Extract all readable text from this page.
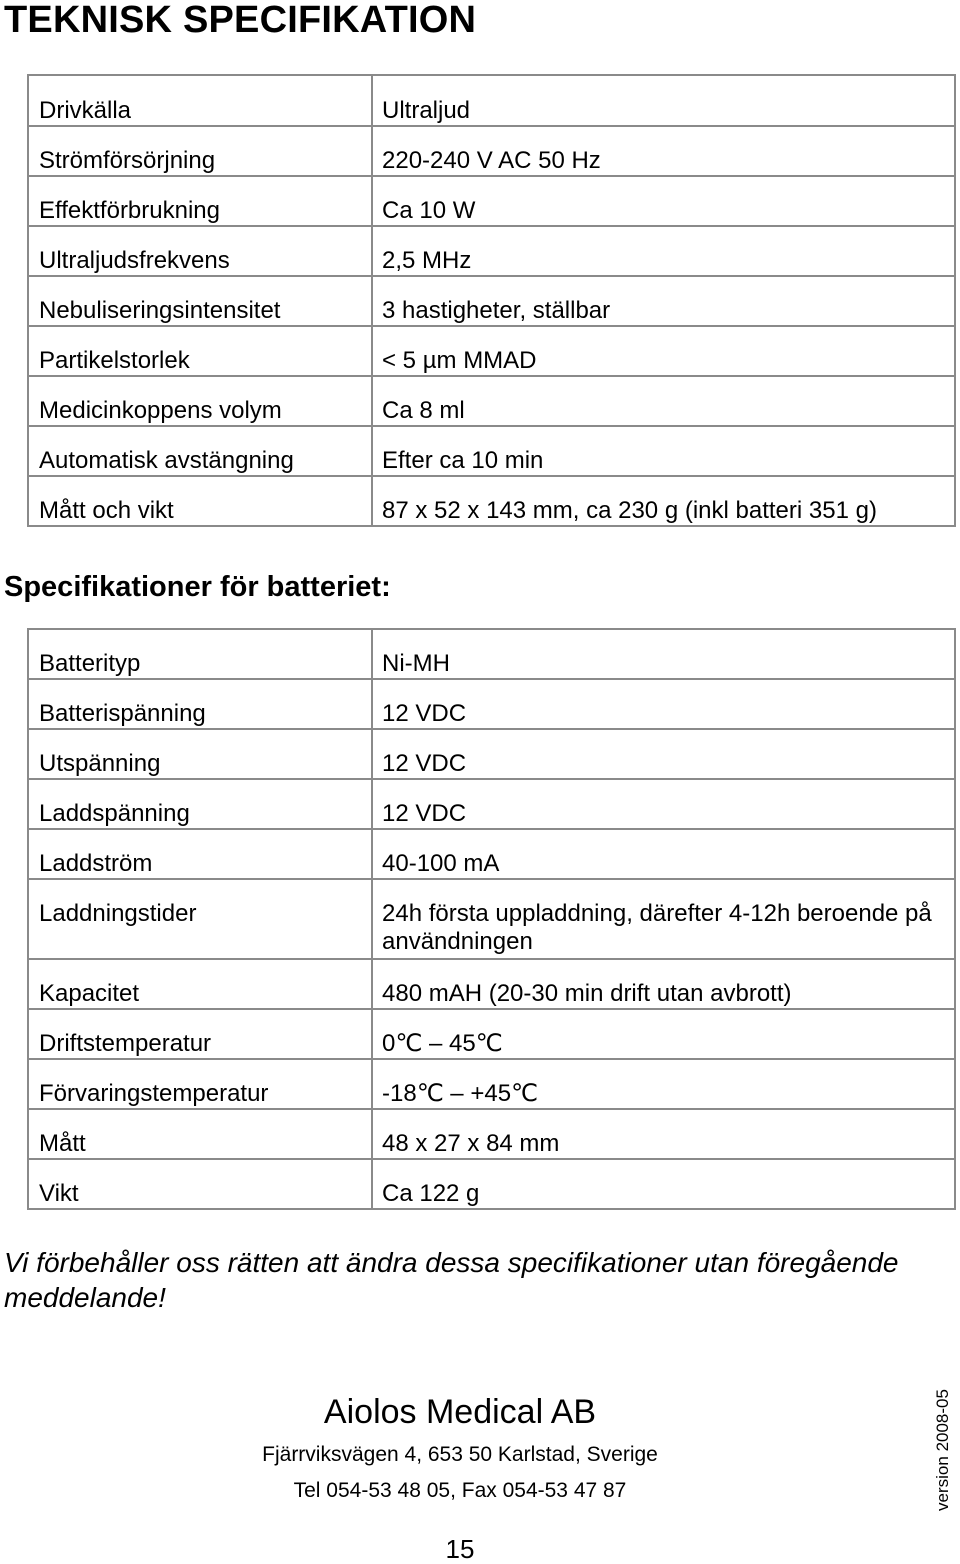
TEKNISK SPECIFIKATION
Drivkälla	Ultraljud
Strömförsörjning	220-240 V AC 50 Hz
Effektförbrukning	Ca 10 W
Ultraljudsfrekvens	2,5 MHz
Nebuliseringsintensitet	3 hastigheter, ställbar
Partikelstorlek	< 5 µm MMAD
Medicinkoppens volym	Ca 8 ml
Automatisk avstängning	Efter ca 10 min
Mått och vikt	87 x 52 x 143 mm, ca 230 g (inkl batteri 351 g)
Specifikationer för batteriet:
Batterityp	Ni-MH
Batterispänning	12 VDC
Utspänning	12 VDC
Laddspänning	12 VDC
Laddström	40-100 mA
Laddningstider	24h första uppladdning, därefter 4-12h beroende på användningen
Kapacitet	480 mAH (20-30 min drift utan avbrott)
Driftstemperatur	0℃ – 45℃
Förvaringstemperatur	-18℃ – +45℃
Mått	48 x 27 x 84 mm
Vikt	Ca 122 g

Vi förbehåller oss rätten att ändra dessa specifikationer utan föregående meddelande!

Aiolos Medical AB
Fjärrviksvägen 4, 653 50 Karlstad, Sverige
Tel 054-53 48 05, Fax 054-53 47 87
15
version 2008-05
